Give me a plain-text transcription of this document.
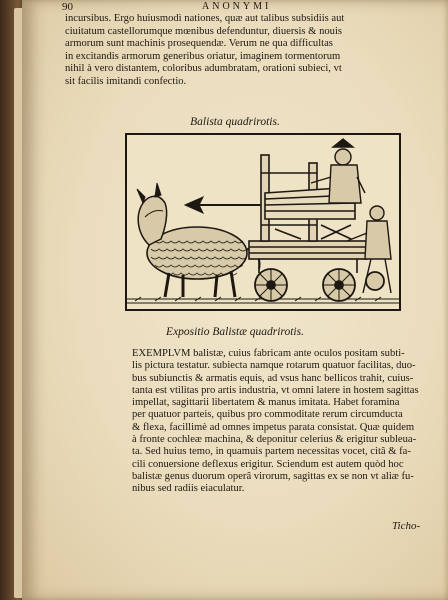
90	ANONYMI

incursibus. Ergo huiusmodi nationes, quæ aut talibus subsidiis aut
ciuitatum castellorumque mœnibus defenduntur, diuersis & nouis
armorum sunt machinis prosequendæ. Verum ne qua difficultas
in excitandis armorum generibus oriatur, imaginem tormentorum
nihil à vero distantem, coloribus adumbratam, orationi subieci, vt
sit facilis imitandi confectio.

Balista quadrirotis.
Expositio Balistæ quadrirotis.

EXEMPLVM balistæ, cuius fabricam ante oculos positam subti-
lis pictura testatur. subiecta namque rotarum quatuor facilitas, duo-
bus subiunctis & armatis equis, ad vsus hanc bellicos trahit, cuius-
tanta est vtilitas pro artis industria, vt omni latere in hostem sagittas
impellat, sagittarii libertatem & manus imitata. Habet foramina
per quatuor parteis, quibus pro commoditate rerum circumducta
& flexa, facillimè ad omnes impetus parata consistat. Quæ quidem
à fronte cochleæ machina, & deponitur celerius & erigitur subleua-
ta. Sed huius temo, in quamuis partem necessitas vocet, citâ & fa-
cili conuersione deflexus erigitur. Sciendum est autem quòd hoc
balistæ genus duorum operâ virorum, sagittas ex se non vt aliæ fu-
nibus sed radiis eiaculatur.

Ticho-
